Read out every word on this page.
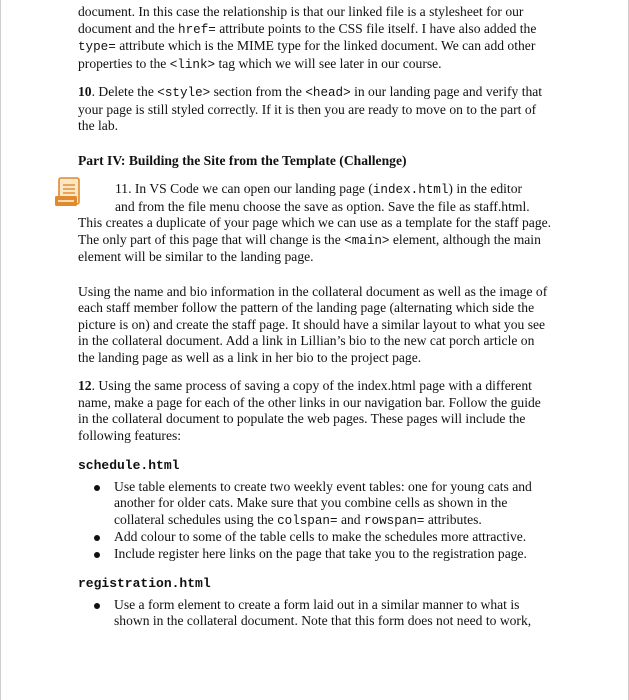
document. In this case the relationship is that our linked file is a stylesheet for our document and the href= attribute points to the CSS file itself. I have also added the type= attribute which is the MIME type for the linked document. We can add other properties to the <link> tag which we will see later in our course.

10. Delete the <style> section from the <head> in our landing page and verify that your page is still styled correctly. If it is then you are ready to move on to the part of the lab.

Part IV: Building the Site from the Template (Challenge)

11. In VS Code we can open our landing page (index.html) in the editor
and from the file menu choose the save as option. Save the file as staff.html.
This creates a duplicate of your page which we can use as a template for the staff page. The only part of this page that will change is the <main> element, although the main element will be similar to the landing page.

Using the name and bio information in the collateral document as well as the image of each staff member follow the pattern of the landing page (alternating which side the picture is on) and create the staff page. It should have a similar layout to what you see in the collateral document. Add a link in Lillian’s bio to the new cat porch article on the landing page as well as a link in her bio to the project page.

12. Using the same process of saving a copy of the index.html page with a different name, make a page for each of the other links in our navigation bar. Follow the guide in the collateral document to populate the web pages. These pages will include the following features:

schedule.html
Use table elements to create two weekly event tables: one for young cats and another for older cats. Make sure that you combine cells as shown in the collateral schedules using the colspan= and rowspan= attributes.
Add colour to some of the table cells to make the schedules more attractive.
Include register here links on the page that take you to the registration page.
registration.html
Use a form element to create a form laid out in a similar manner to what is shown in the collateral document. Note that this form does not need to work,
